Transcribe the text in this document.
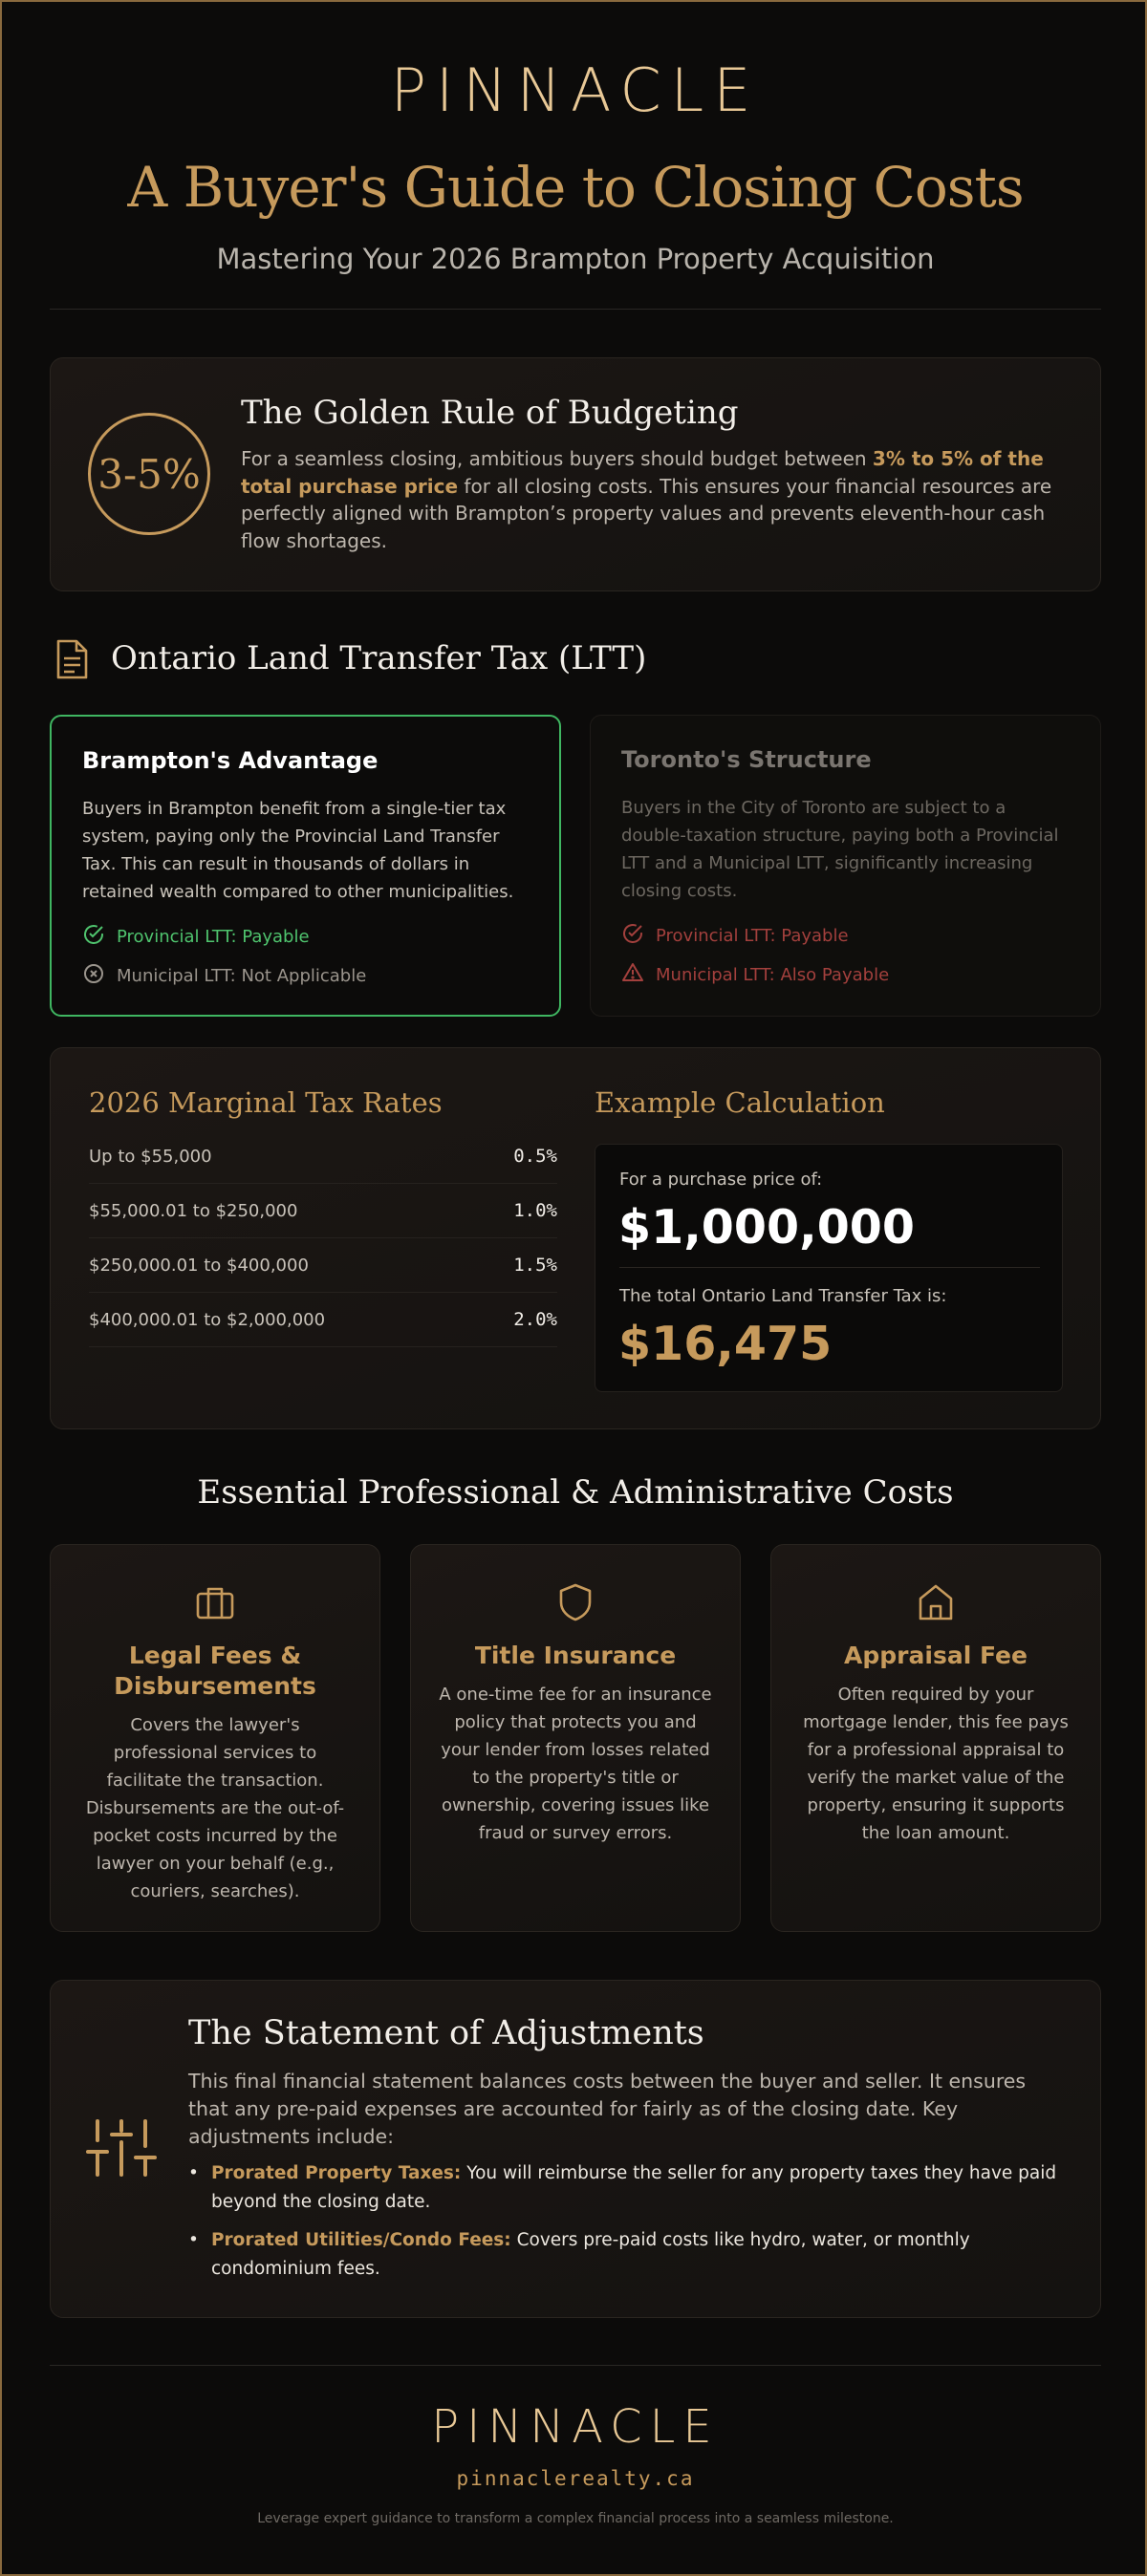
PINNACLE
A Buyer's Guide to Closing Costs
Mastering Your 2026 Brampton Property Acquisition
3-5%
The Golden Rule of Budgeting
For a seamless closing, ambitious buyers should budget between 3% to 5% of the total purchase price for all closing costs. This ensures your financial resources are perfectly aligned with Brampton’s property values and prevents eleventh-hour cash flow shortages.
Ontario Land Transfer Tax (LTT)
Brampton's Advantage

Buyers in Brampton benefit from a single-tier tax system, paying only the Provincial Land Transfer Tax. This can result in thousands of dollars in retained wealth compared to other municipalities.

Provincial LTT: Payable
Municipal LTT: Not Applicable
Toronto's Structure

Buyers in the City of Toronto are subject to a double-taxation structure, paying both a Provincial LTT and a Municipal LTT, significantly increasing closing costs.

Provincial LTT: Payable
Municipal LTT: Also Payable
2026 Marginal Tax Rates
Up to $55,000	0.5%
$55,000.01 to $250,000	1.0%
$250,000.01 to $400,000	1.5%
$400,000.01 to $2,000,000	2.0%
Example Calculation
For a purchase price of:
$1,000,000
The total Ontario Land Transfer Tax is:
$16,475
Essential Professional & Administrative Costs
Legal Fees & Disbursements

Covers the lawyer's professional services to facilitate the transaction. Disbursements are the out-of-pocket costs incurred by the lawyer on your behalf (e.g., couriers, searches).

Title Insurance

A one-time fee for an insurance policy that protects you and your lender from losses related to the property's title or ownership, covering issues like fraud or survey errors.

Appraisal Fee

Often required by your mortgage lender, this fee pays for a professional appraisal to verify the market value of the property, ensuring it supports the loan amount.

The Statement of Adjustments
This final financial statement balances costs between the buyer and seller. It ensures that any pre-paid expenses are accounted for fairly as of the closing date. Key adjustments include:
• Prorated Property Taxes: You will reimburse the seller for any property taxes they have paid beyond the closing date.
• Prorated Utilities/Condo Fees: Covers pre-paid costs like hydro, water, or monthly condominium fees.
PINNACLE
pinnaclerealty.ca
Leverage expert guidance to transform a complex financial process into a seamless milestone.
